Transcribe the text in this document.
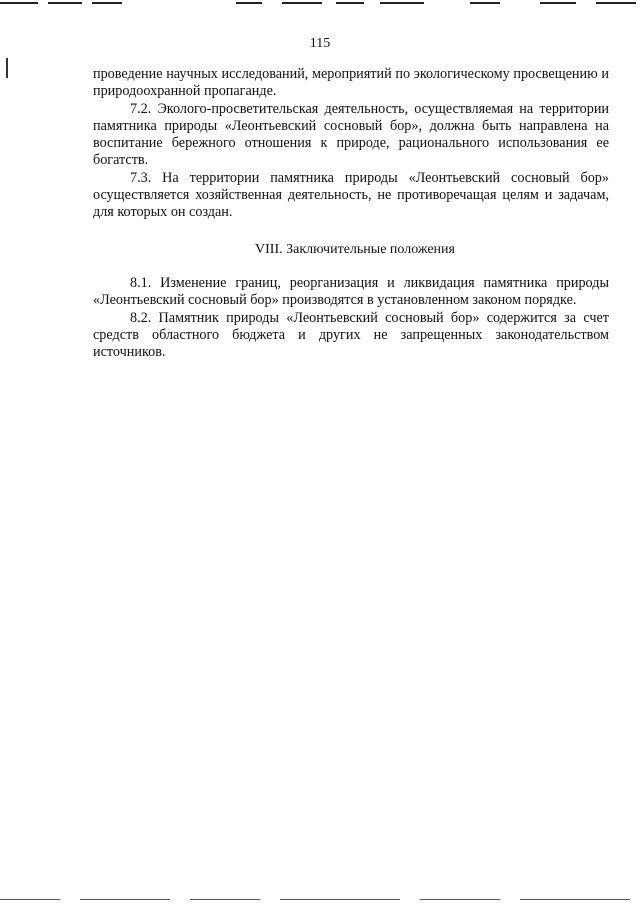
115

проведение научных исследований, мероприятий по экологическому просвещению и природоохранной пропаганде.

7.2. Эколого-просветительская деятельность, осуществляемая на территории памятника природы «Леонтьевский сосновый бор», должна быть направлена на воспитание бережного отношения к природе, рационального использования ее богатств.

7.3. На территории памятника природы «Леонтьевский сосновый бор» осуществляется хозяйственная деятельность, не противоречащая целям и задачам, для которых он создан.

VIII. Заключительные положения

8.1. Изменение границ, реорганизация и ликвидация памятника природы «Леонтьевский сосновый бор» производятся в установленном законом порядке.

8.2. Памятник природы «Леонтьевский сосновый бор» содержится за счет средств областного бюджета и других не запрещенных законодательством источников.
